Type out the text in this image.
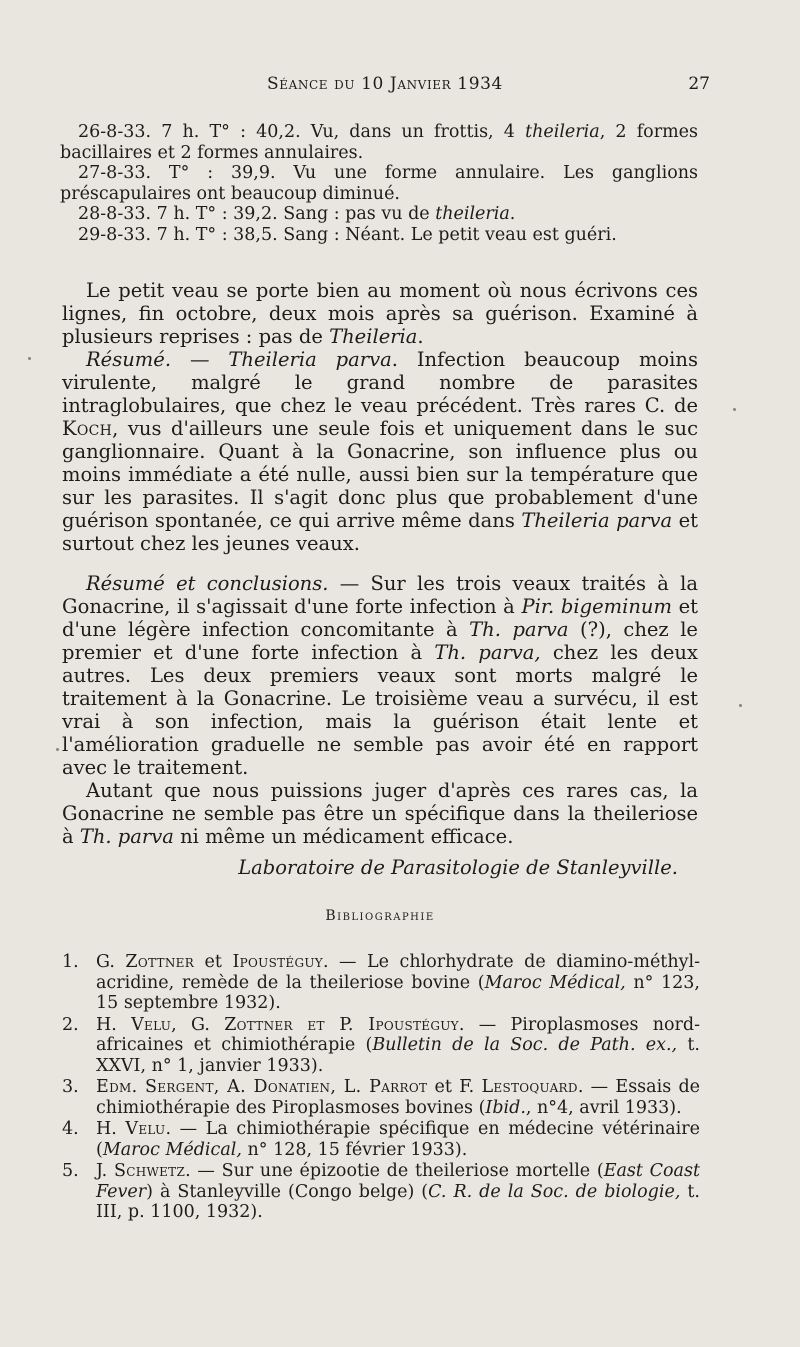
Séance du 10 Janvier 1934	27

26-8-33. 7 h. T° : 40,2. Vu, dans un frottis, 4 theileria, 2 formes bacillaires et 2 formes annulaires.

27-8-33. T° : 39,9. Vu une forme annulaire. Les ganglions préscapulaires ont beaucoup diminué.

28-8-33. 7 h. T° : 39,2. Sang : pas vu de theileria.

29-8-33. 7 h. T° : 38,5. Sang : Néant. Le petit veau est guéri.

Le petit veau se porte bien au moment où nous écrivons ces lignes, fin octobre, deux mois après sa guérison. Examiné à plusieurs reprises : pas de Theileria.

Résumé. — Theileria parva. Infection beaucoup moins virulente, malgré le grand nombre de parasites intraglobulaires, que chez le veau précédent. Très rares C. de Koch, vus d'ailleurs une seule fois et uniquement dans le suc ganglionnaire. Quant à la Gonacrine, son influence plus ou moins immédiate a été nulle, aussi bien sur la température que sur les parasites. Il s'agit donc plus que probablement d'une guérison spontanée, ce qui arrive même dans Theileria parva et surtout chez les jeunes veaux.

Résumé et conclusions. — Sur les trois veaux traités à la Gonacrine, il s'agissait d'une forte infection à Pir. bigeminum et d'une légère infection concomitante à Th. parva (?), chez le premier et d'une forte infection à Th. parva, chez les deux autres. Les deux premiers veaux sont morts malgré le traitement à la Gonacrine. Le troisième veau a survécu, il est vrai à son infection, mais la guérison était lente et l'amélioration graduelle ne semble pas avoir été en rapport avec le traitement.

Autant que nous puissions juger d'après ces rares cas, la Gonacrine ne semble pas être un spécifique dans la theileriose à Th. parva ni même un médicament efficace.

Laboratoire de Parasitologie de Stanleyville.
Bibliographie
1. G. Zottner et Ipoustéguy. — Le chlorhydrate de diamino-méthyl-acridine, remède de la theileriose bovine (Maroc Médical, n° 123, 15 septembre 1932).
2. H. Velu, G. Zottner et P. Ipoustéguy. — Piroplasmoses nord-africaines et chimiothérapie (Bulletin de la Soc. de Path. ex., t. XXVI, n° 1, janvier 1933).
3. Edm. Sergent, A. Donatien, L. Parrot et F. Lestoquard. — Essais de chimiothérapie des Piroplasmoses bovines (Ibid., n°4, avril 1933).
4. H. Velu. — La chimiothérapie spécifique en médecine vétérinaire (Maroc Médical, n° 128, 15 février 1933).
5. J. Schwetz. — Sur une épizootie de theileriose mortelle (East Coast Fever) à Stanleyville (Congo belge) (C. R. de la Soc. de biologie, t. III, p. 1100, 1932).
